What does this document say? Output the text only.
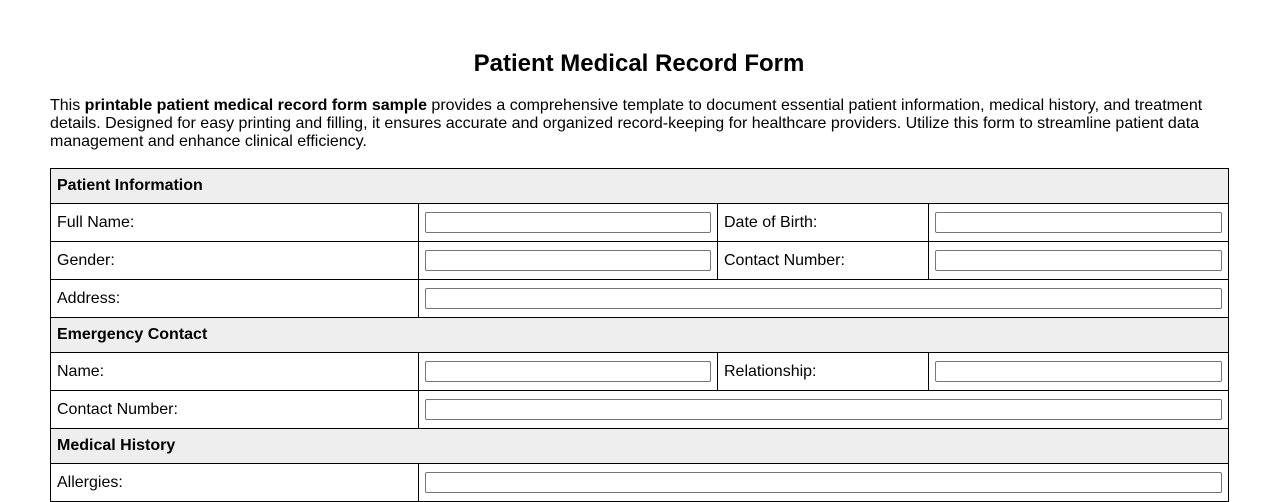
Patient Medical Record Form

This printable patient medical record form sample provides a comprehensive template to document essential patient information, medical history, and treatment details. Designed for easy printing and filling, it ensures accurate and organized record-keeping for healthcare providers. Utilize this form to streamline patient data management and enhance clinical efficiency.

Patient Information			
Full Name:		Date of Birth:	

Gender:		Contact Number:	

Address:	

Emergency Contact			
Name:		Relationship:	

Contact Number:	

Medical History			
Allergies:	
